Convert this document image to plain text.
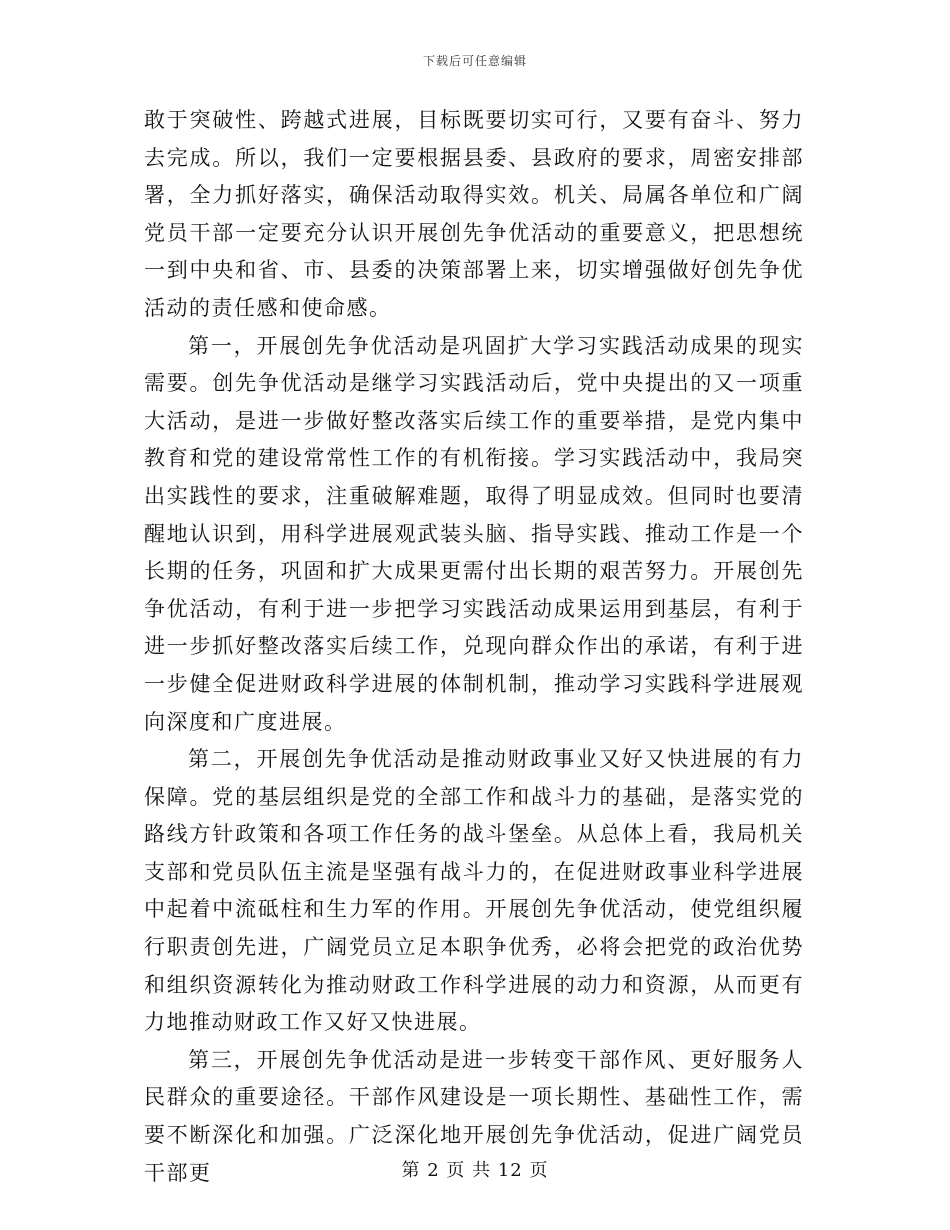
下载后可任意编辑

敢于突破性、跨越式进展，目标既要切实可行，又要有奋斗、努力去完成。所以，我们一定要根据县委、县政府的要求，周密安排部署，全力抓好落实，确保活动取得实效。机关、局属各单位和广阔党员干部一定要充分认识开展创先争优活动的重要意义，把思想统一到中央和省、市、县委的决策部署上来，切实增强做好创先争优活动的责任感和使命感。

第一，开展创先争优活动是巩固扩大学习实践活动成果的现实需要。创先争优活动是继学习实践活动后，党中央提出的又一项重大活动，是进一步做好整改落实后续工作的重要举措，是党内集中教育和党的建设常常性工作的有机衔接。学习实践活动中，我局突出实践性的要求，注重破解难题，取得了明显成效。但同时也要清醒地认识到，用科学进展观武装头脑、指导实践、推动工作是一个长期的任务，巩固和扩大成果更需付出长期的艰苦努力。开展创先争优活动，有利于进一步把学习实践活动成果运用到基层，有利于进一步抓好整改落实后续工作，兑现向群众作出的承诺，有利于进一步健全促进财政科学进展的体制机制，推动学习实践科学进展观向深度和广度进展。

第二，开展创先争优活动是推动财政事业又好又快进展的有力保障。党的基层组织是党的全部工作和战斗力的基础，是落实党的路线方针政策和各项工作任务的战斗堡垒。从总体上看，我局机关支部和党员队伍主流是坚强有战斗力的，在促进财政事业科学进展中起着中流砥柱和生力军的作用。开展创先争优活动，使党组织履行职责创先进，广阔党员立足本职争优秀，必将会把党的政治优势和组织资源转化为推动财政工作科学进展的动力和资源，从而更有力地推动财政工作又好又快进展。

第三，开展创先争优活动是进一步转变干部作风、更好服务人民群众的重要途径。干部作风建设是一项长期性、基础性工作，需要不断深化和加强。广泛深化地开展创先争优活动，促进广阔党员干部更	第 2 页 共 12 页
